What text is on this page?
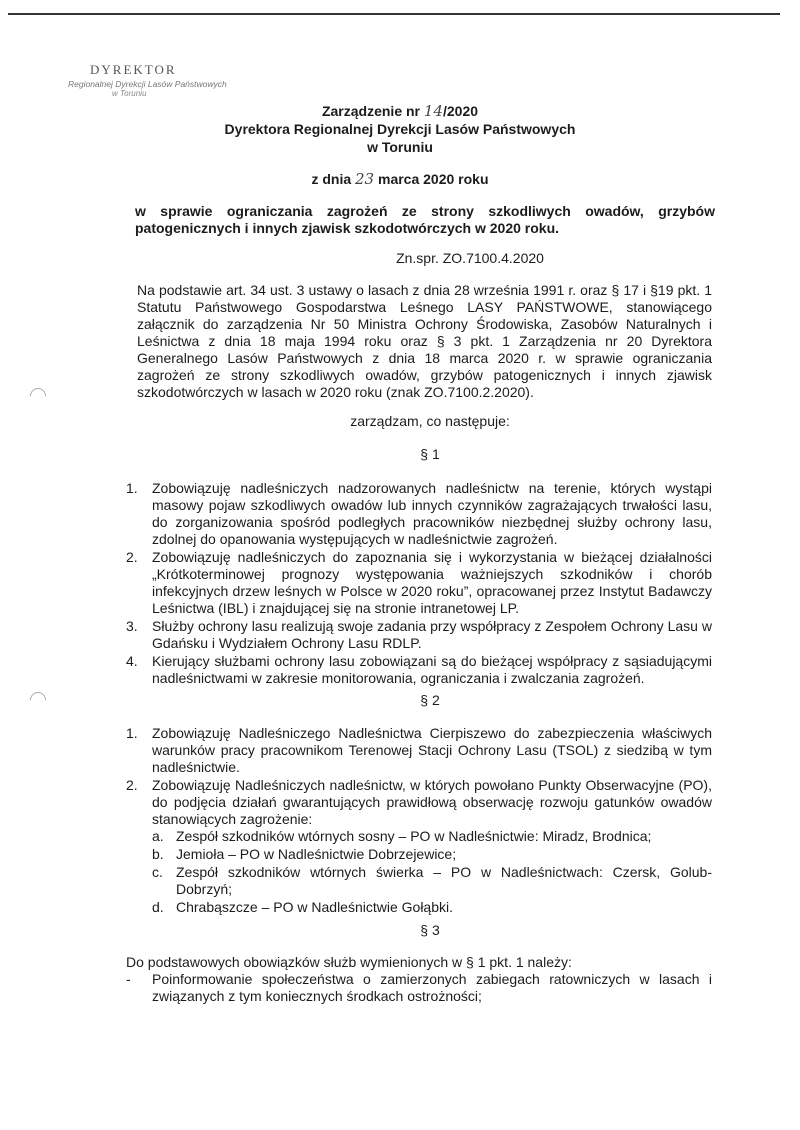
DYREKTOR
Regionalnej Dyrekcji Lasów Państwowych
w Toruniu
Zarządzenie nr 14/2020
Dyrektora Regionalnej Dyrekcji Lasów Państwowych
w Toruniu
z dnia 23 marca 2020 roku
w sprawie ograniczania zagrożeń ze strony szkodliwych owadów, grzybów patogenicznych i innych zjawisk szkodotwórczych w 2020 roku.
Zn.spr. ZO.7100.4.2020
Na podstawie art. 34 ust. 3 ustawy o lasach z dnia 28 września 1991 r. oraz § 17 i §19 pkt. 1 Statutu Państwowego Gospodarstwa Leśnego LASY PAŃSTWOWE, stanowiącego załącznik do zarządzenia Nr 50 Ministra Ochrony Środowiska, Zasobów Naturalnych i Leśnictwa z dnia 18 maja 1994 roku oraz § 3 pkt. 1 Zarządzenia nr 20 Dyrektora Generalnego Lasów Państwowych z dnia 18 marca 2020 r. w sprawie ograniczania zagrożeń ze strony szkodliwych owadów, grzybów patogenicznych i innych zjawisk szkodotwórczych w lasach w 2020 roku (znak ZO.7100.2.2020).
zarządzam, co następuje:
§ 1
1. Zobowiązuję nadleśniczych nadzorowanych nadleśnictw na terenie, których wystąpi masowy pojaw szkodliwych owadów lub innych czynników zagrażających trwałości lasu, do zorganizowania spośród podległych pracowników niezbędnej służby ochrony lasu, zdolnej do opanowania występujących w nadleśnictwie zagrożeń.
2. Zobowiązuję nadleśniczych do zapoznania się i wykorzystania w bieżącej działalności „Krótkoterminowej prognozy występowania ważniejszych szkodników i chorób infekcyjnych drzew leśnych w Polsce w 2020 roku”, opracowanej przez Instytut Badawczy Leśnictwa (IBL) i znajdującej się na stronie intranetowej LP.
3. Służby ochrony lasu realizują swoje zadania przy współpracy z Zespołem Ochrony Lasu w Gdańsku i Wydziałem Ochrony Lasu RDLP.
4. Kierujący służbami ochrony lasu zobowiązani są do bieżącej współpracy z sąsiadującymi nadleśnictwami w zakresie monitorowania, ograniczania i zwalczania zagrożeń.
§ 2
1. Zobowiązuję Nadleśniczego Nadleśnictwa Cierpiszewo do zabezpieczenia właściwych warunków pracy pracownikom Terenowej Stacji Ochrony Lasu (TSOL) z siedzibą w tym nadleśnictwie.
2. Zobowiązuję Nadleśniczych nadleśnictw, w których powołano Punkty Obserwacyjne (PO), do podjęcia działań gwarantujących prawidłową obserwację rozwoju gatunków owadów stanowiących zagrożenie:
a. Zespół szkodników wtórnych sosny – PO w Nadleśnictwie: Miradz, Brodnica;
b. Jemioła – PO w Nadleśnictwie Dobrzejewice;
c. Zespół szkodników wtórnych świerka – PO w Nadleśnictwach: Czersk, Golub-Dobrzyń;
d. Chrabąszcze – PO w Nadleśnictwie Gołąbki.
§ 3
Do podstawowych obowiązków służb wymienionych w § 1 pkt. 1 należy:
- Poinformowanie społeczeństwa o zamierzonych zabiegach ratowniczych w lasach i związanych z tym koniecznych środkach ostrożności;
